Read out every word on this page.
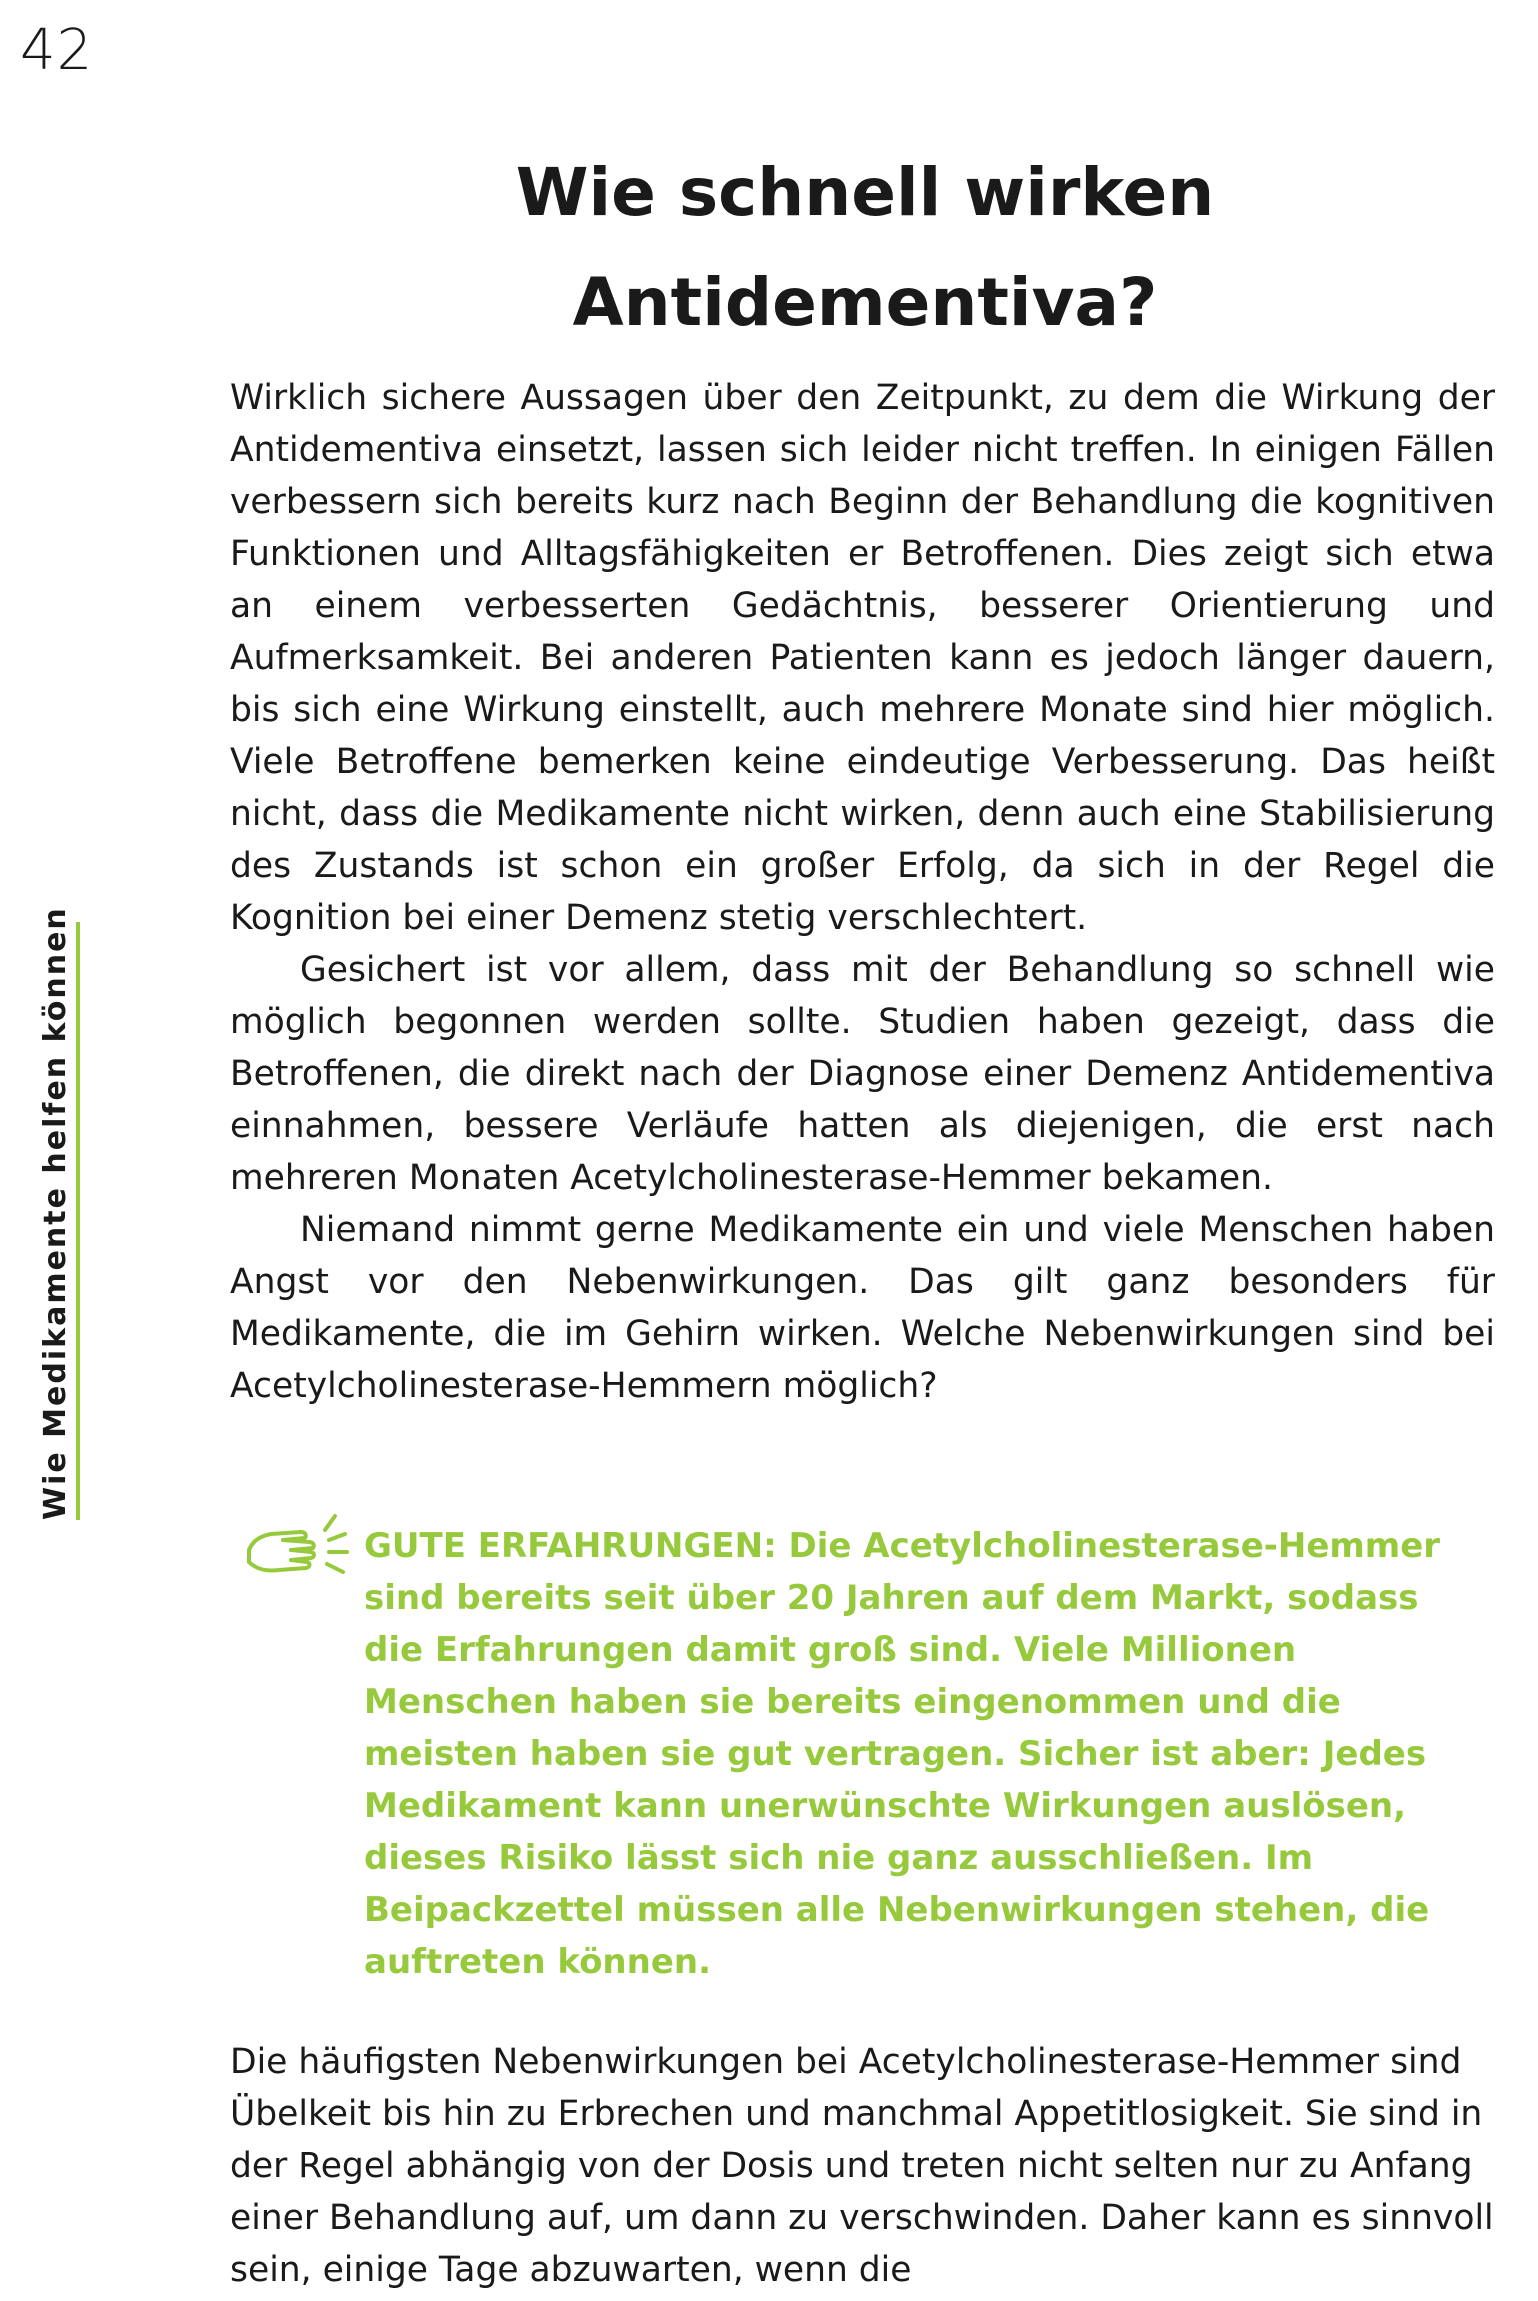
42
Wie Medikamente helfen können
Wie schnell wirken
Antidementiva?

Wirklich sichere Aussagen über den Zeitpunkt, zu dem die Wirkung der Antidementiva einsetzt, lassen sich leider nicht treffen. In einigen Fällen verbessern sich bereits kurz nach Beginn der Behandlung die kognitiven Funktionen und Alltagsfähigkeiten er Betroffenen. Dies zeigt sich etwa an einem verbesserten Gedächtnis, besserer Orientierung und Aufmerksamkeit. Bei anderen Patienten kann es jedoch länger dauern, bis sich eine Wirkung einstellt, auch mehrere Monate sind hier möglich. Viele Betroffene bemerken keine eindeutige Verbesserung. Das heißt nicht, dass die Medikamente nicht wirken, denn auch eine Stabilisierung des Zustands ist schon ein großer Erfolg, da sich in der Regel die Kognition bei einer Demenz stetig verschlechtert.

Gesichert ist vor allem, dass mit der Behandlung so schnell wie möglich begonnen werden sollte. Studien haben gezeigt, dass die Betroffenen, die direkt nach der Diagnose einer Demenz Antidementiva einnahmen, bessere Verläufe hatten als diejenigen, die erst nach mehreren Monaten Acetylcholinesterase-Hemmer bekamen.

Niemand nimmt gerne Medikamente ein und viele Menschen haben Angst vor den Nebenwirkungen. Das gilt ganz besonders für Medikamente, die im Gehirn wirken. Welche Nebenwirkungen sind bei Acetylcholinesterase-Hemmern möglich?

GUTE ERFAHRUNGEN: Die Acetylcholinesterase-Hemmer sind bereits seit über 20 Jahren auf dem Markt, sodass die Erfahrungen damit groß sind. Viele Millionen Menschen haben sie bereits eingenommen und die meisten haben sie gut vertragen. Sicher ist aber: Jedes Medikament kann unerwünschte Wirkungen auslösen, dieses Risiko lässt sich nie ganz ausschließen. Im Beipackzettel müssen alle Nebenwirkungen stehen, die auftreten können.

Die häufigsten Nebenwirkungen bei Acetylcholinesterase-Hemmer sind Übelkeit bis hin zu Erbrechen und manchmal Appetitlosigkeit. Sie sind in der Regel abhängig von der Dosis und treten nicht selten nur zu Anfang einer Behandlung auf, um dann zu verschwinden. Daher kann es sinnvoll sein, einige Tage abzuwarten, wenn die
